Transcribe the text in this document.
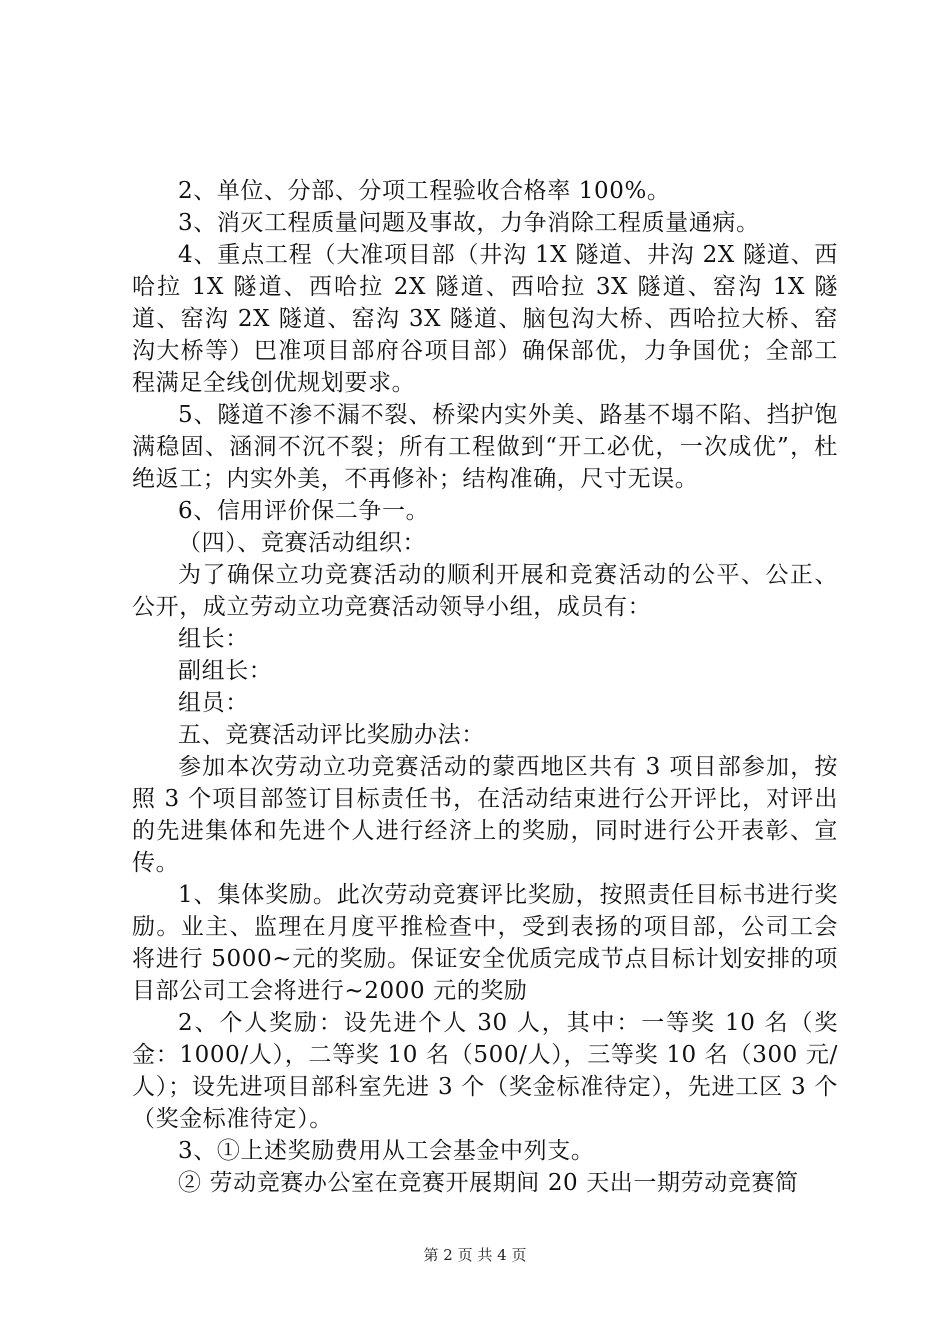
2、单位、分部、分项工程验收合格率 100%。

3、消灭工程质量问题及事故，力争消除工程质量通病。

4、重点工程（大准项目部（井沟 1X 隧道、井沟 2X 隧道、西哈拉 1X 隧道、西哈拉 2X 隧道、西哈拉 3X 隧道、窑沟 1X 隧道、窑沟 2X 隧道、窑沟 3X 隧道、脑包沟大桥、西哈拉大桥、窑沟大桥等）巴准项目部府谷项目部）确保部优，力争国优；全部工程满足全线创优规划要求。

5、隧道不渗不漏不裂、桥梁内实外美、路基不塌不陷、挡护饱满稳固、涵洞不沉不裂；所有工程做到“开工必优，一次成优”，杜绝返工；内实外美，不再修补；结构准确，尺寸无误。

6、信用评价保二争一。

（四）、竞赛活动组织：

为了确保立功竞赛活动的顺利开展和竞赛活动的公平、公正、公开，成立劳动立功竞赛活动领导小组，成员有：

组长：

副组长：

组员：

五、竞赛活动评比奖励办法：

参加本次劳动立功竞赛活动的蒙西地区共有 3 项目部参加，按照 3 个项目部签订目标责任书，在活动结束进行公开评比，对评出的先进集体和先进个人进行经济上的奖励，同时进行公开表彰、宣传。

1、集体奖励。此次劳动竞赛评比奖励，按照责任目标书进行奖励。业主、监理在月度平推检查中，受到表扬的项目部，公司工会将进行 5000~元的奖励。保证安全优质完成节点目标计划安排的项目部公司工会将进行~2000 元的奖励

2、个人奖励：设先进个人 30 人，其中：一等奖 10 名（奖金：1000/人），二等奖 10 名（500/人），三等奖 10 名（300 元/人）；设先进项目部科室先进 3 个（奖金标准待定），先进工区 3 个（奖金标准待定）。

3、①上述奖励费用从工会基金中列支。

② 劳动竞赛办公室在竞赛开展期间 20 天出一期劳动竞赛简

第 2 页 共 4 页
